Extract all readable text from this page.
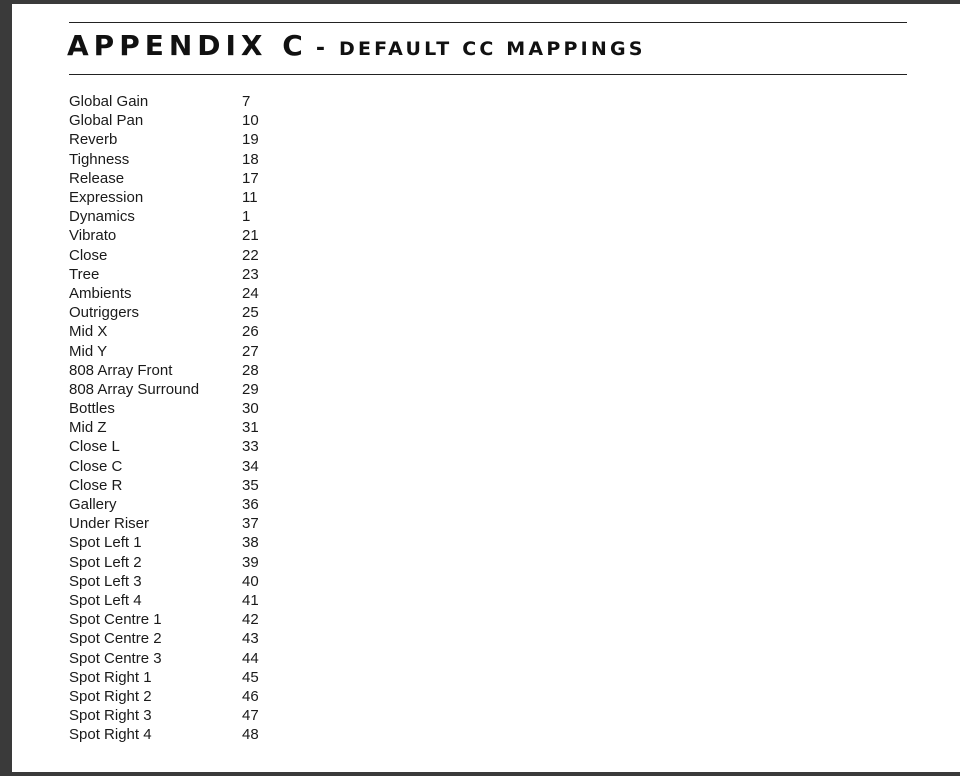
APPENDIX C - DEFAULT CC MAPPINGS
Global Gain	7
Global Pan	10
Reverb	19
Tighness	18
Release	17
Expression	11
Dynamics	1
Vibrato	21
Close	22
Tree	23
Ambients	24
Outriggers	25
Mid X	26
Mid Y	27
808 Array Front	28
808 Array Surround	29
Bottles	30
Mid Z	31
Close L	33
Close C	34
Close R	35
Gallery	36
Under Riser	37
Spot Left 1	38
Spot Left 2	39
Spot Left 3	40
Spot Left 4	41
Spot Centre 1	42
Spot Centre 2	43
Spot Centre 3	44
Spot Right 1	45
Spot Right 2	46
Spot Right 3	47
Spot Right 4	48
